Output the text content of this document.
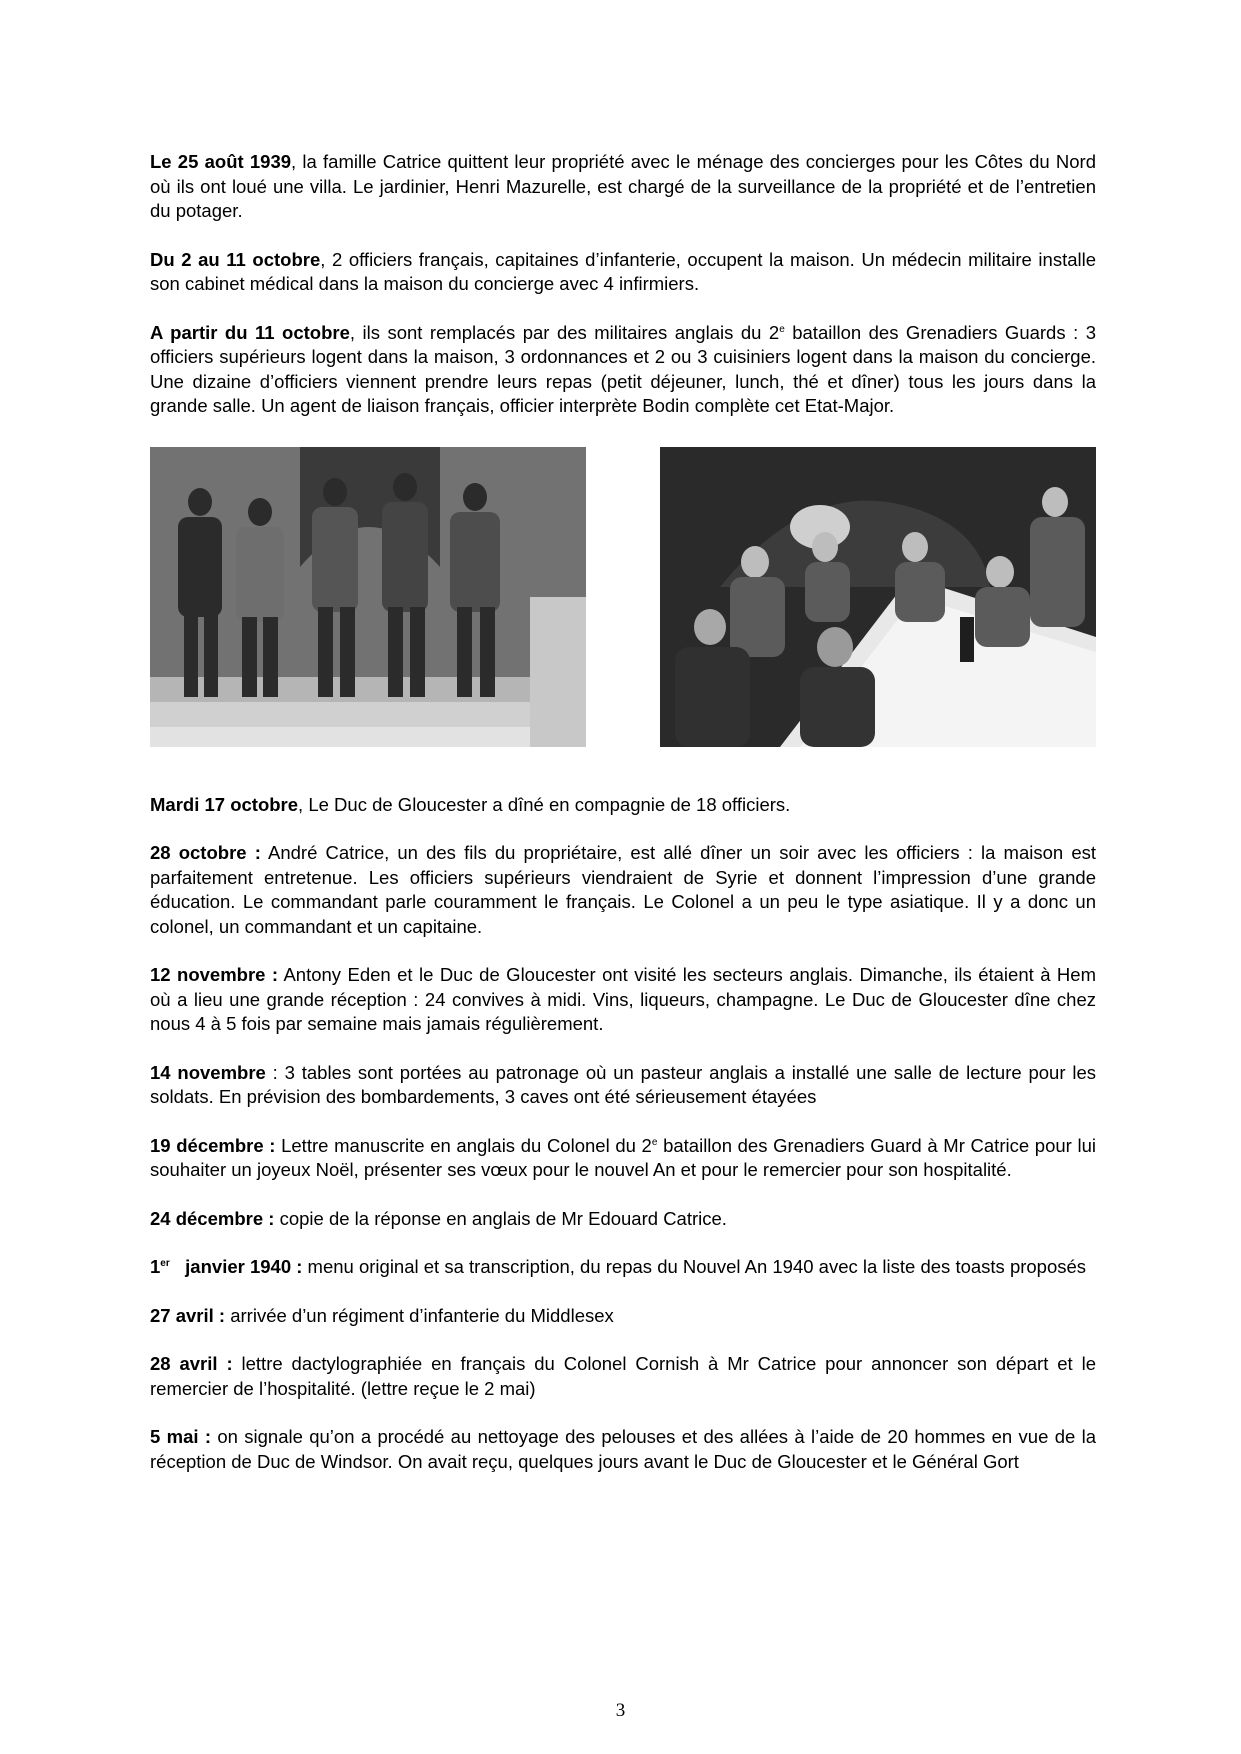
Le 25 août 1939, la famille Catrice quittent leur propriété avec le ménage des concierges pour les Côtes du Nord où ils ont loué une villa. Le jardinier, Henri Mazurelle, est chargé de la surveillance de la propriété et de l’entretien du potager.

Du 2 au 11 octobre, 2 officiers français, capitaines d’infanterie, occupent la maison. Un médecin militaire installe son cabinet médical dans la maison du concierge avec 4 infirmiers.

A partir du 11 octobre, ils sont remplacés par des militaires anglais du 2e bataillon des Grenadiers Guards : 3 officiers supérieurs logent dans la maison, 3 ordonnances et 2 ou 3 cuisiniers logent dans la maison du concierge. Une dizaine d’officiers viennent prendre leurs repas (petit déjeuner, lunch, thé et dîner) tous les jours dans la grande salle. Un agent de liaison français, officier interprète Bodin complète cet Etat-Major.

Mardi 17 octobre, Le Duc de Gloucester a dîné en compagnie de 18 officiers.

28 octobre : André Catrice, un des fils du propriétaire, est allé dîner un soir avec les officiers : la maison est parfaitement entretenue. Les officiers supérieurs viendraient de Syrie et donnent l’impression d’une grande éducation. Le commandant parle couramment le français. Le Colonel a un peu le type asiatique. Il y a donc un colonel, un commandant et un capitaine.

12 novembre : Antony Eden et le Duc de Gloucester ont visité les secteurs anglais. Dimanche, ils étaient à Hem où a lieu une grande réception : 24 convives à midi. Vins, liqueurs, champagne. Le Duc de Gloucester dîne chez nous 4 à 5 fois par semaine mais jamais régulièrement.

14 novembre : 3 tables sont portées au patronage où un pasteur anglais a installé une salle de lecture pour les soldats. En prévision des bombardements, 3 caves ont été sérieusement étayées

19 décembre : Lettre manuscrite en anglais du Colonel du 2e bataillon des Grenadiers Guard à Mr Catrice pour lui souhaiter un joyeux Noël, présenter ses vœux pour le nouvel An et pour le remercier pour son hospitalité.

24 décembre : copie de la réponse en anglais de Mr Edouard Catrice.

1er   janvier 1940 : menu original et sa transcription, du repas du Nouvel An 1940 avec la liste des toasts proposés

27 avril : arrivée d’un régiment d’infanterie du Middlesex

28 avril : lettre dactylographiée en français du Colonel Cornish à Mr Catrice pour annoncer son départ et le remercier de l’hospitalité. (lettre reçue le 2 mai)

5 mai : on signale qu’on a procédé au nettoyage des pelouses et des allées à l’aide de 20 hommes en vue de la réception de Duc de Windsor. On avait reçu, quelques jours avant le Duc de Gloucester et le Général Gort

3
